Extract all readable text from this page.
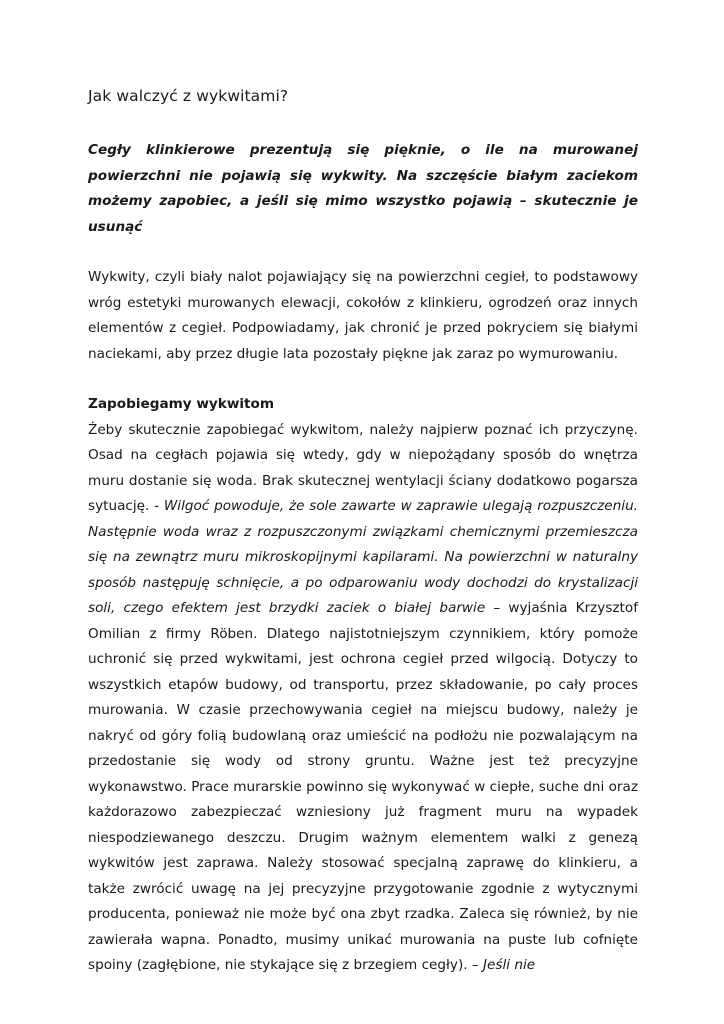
Jak walczyć z wykwitami?

Cegły klinkierowe prezentują się pięknie, o ile na murowanej powierzchni nie pojawią się wykwity. Na szczęście białym zaciekom możemy zapobiec, a jeśli się mimo wszystko pojawią – skutecznie je usunąć

Wykwity, czyli biały nalot pojawiający się na powierzchni cegieł, to podstawowy wróg estetyki murowanych elewacji, cokołów z klinkieru, ogrodzeń oraz innych elementów z cegieł. Podpowiadamy, jak chronić je przed pokryciem się białymi naciekami, aby przez długie lata pozostały piękne jak zaraz po wymurowaniu.

Zapobiegamy wykwitom

Żeby skutecznie zapobiegać wykwitom, należy najpierw poznać ich przyczynę. Osad na cegłach pojawia się wtedy, gdy w niepożądany sposób do wnętrza muru dostanie się woda. Brak skutecznej wentylacji ściany dodatkowo pogarsza sytuację. - Wilgoć powoduje, że sole zawarte w zaprawie ulegają rozpuszczeniu. Następnie woda wraz z rozpuszczonymi związkami chemicznymi przemieszcza się na zewnątrz muru mikroskopijnymi kapilarami. Na powierzchni w naturalny sposób następuję schnięcie, a po odparowaniu wody dochodzi do krystalizacji soli, czego efektem jest brzydki zaciek o białej barwie – wyjaśnia Krzysztof Omilian z firmy Röben. Dlatego najistotniejszym czynnikiem, który pomoże uchronić się przed wykwitami, jest ochrona cegieł przed wilgocią. Dotyczy to wszystkich etapów budowy, od transportu, przez składowanie, po cały proces murowania. W czasie przechowywania cegieł na miejscu budowy, należy je nakryć od góry folią budowlaną oraz umieścić na podłożu nie pozwalającym na przedostanie się wody od strony gruntu. Ważne jest też precyzyjne wykonawstwo. Prace murarskie powinno się wykonywać w ciepłe, suche dni oraz każdorazowo zabezpieczać wzniesiony już fragment muru na wypadek niespodziewanego deszczu. Drugim ważnym elementem walki z genezą wykwitów jest zaprawa. Należy stosować specjalną zaprawę do klinkieru, a także zwrócić uwagę na jej precyzyjne przygotowanie zgodnie z wytycznymi producenta, ponieważ nie może być ona zbyt rzadka. Zaleca się również, by nie zawierała wapna. Ponadto, musimy unikać murowania na puste lub cofnięte spoiny (zagłębione, nie stykające się z brzegiem cegły). – Jeśli nie
